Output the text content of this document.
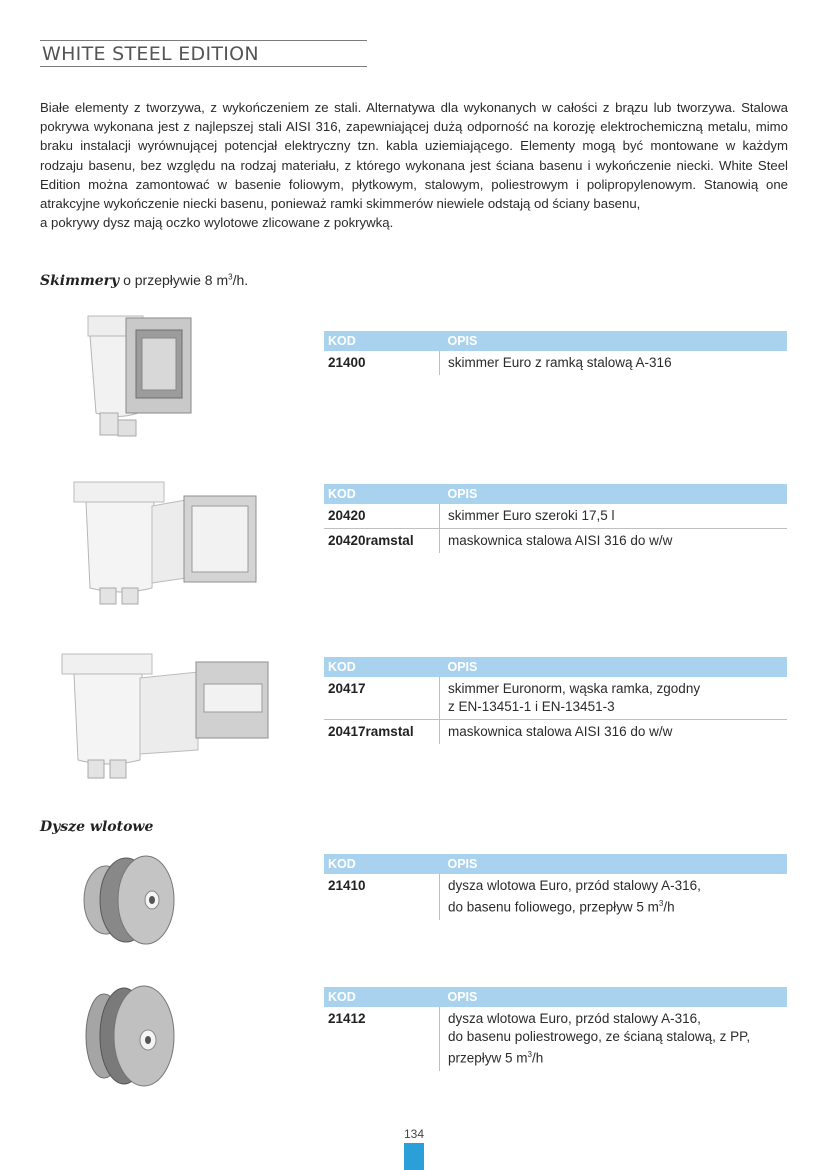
WHITE STEEL EDITION
Białe elementy z tworzywa, z wykończeniem ze stali. Alternatywa dla wykonanych w całości z brązu lub tworzywa. Stalowa pokrywa wykonana jest z najlepszej stali AISI 316, zapewniającej dużą odporność na korozję elektrochemiczną metalu, mimo braku instalacji wyrównującej potencjał elektryczny tzn. kabla uziemiającego. Elementy mogą być montowane w każdym rodzaju basenu, bez względu na rodzaj materiału, z którego wykonana jest ściana basenu i wykończenie niecki. White Steel Edition można zamontować w basenie foliowym, płytkowym, stalowym, poliestrowym i polipropylenowym. Stanowią one atrakcyjne wykończenie niecki basenu, ponieważ ramki skimmerów niewiele odstają od ściany basenu,
a pokrywy dysz mają oczko wylotowe zlicowane z pokrywką.
Skimmery o przepływie 8 $m^3/h$.
Dysze wlotowe
KOD	OPIS
21400	skimmer Euro z ramką stalową A-316
KOD	OPIS
20420	skimmer Euro szeroki 17,5 l
20420ramstal	maskownica stalowa AISI 316 do w/w
KOD	OPIS
20417	skimmer Euronorm, wąska ramka, zgodny
z EN-13451-1 i EN-13451-3

20417ramstal	maskownica stalowa AISI 316 do w/w
KOD	OPIS
21410	dysza wlotowa Euro, przód stalowy A-316,
do basenu foliowego, przepływ 5 $m^3/h$
KOD	OPIS
21412	dysza wlotowa Euro, przód stalowy A-316,
do basenu poliestrowego, ze ścianą stalową, z PP,
przepływ 5 $m^3/h$
134
